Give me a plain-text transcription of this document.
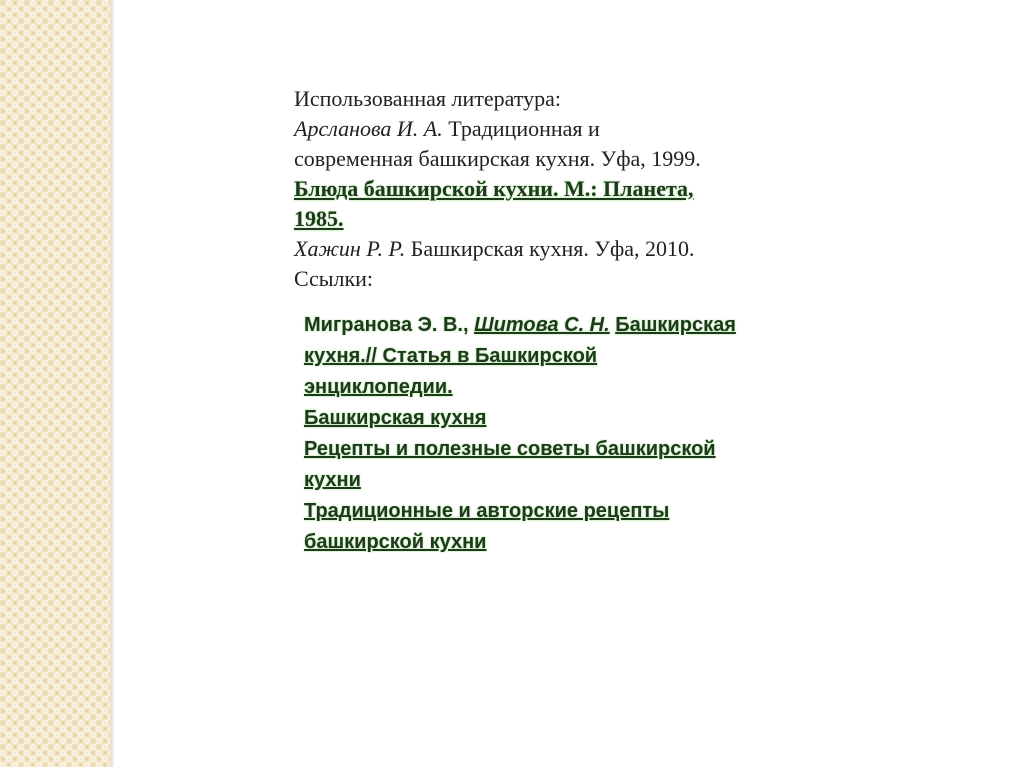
Использованная литература:
Арсланова И. А. Традиционная и
современная башкирская кухня. Уфа, 1999.
Блюда башкирской кухни. М.: Планета,
1985.
Хажин Р. Р. Башкирская кухня. Уфа, 2010.
Ссылки:
Мигранова Э. В., Шитова С. Н. Башкирская
кухня.// Статья в Башкирской
энциклопедии.
Башкирская кухня
Рецепты и полезные советы башкирской
кухни
Традиционные и авторские рецепты
башкирской кухни
